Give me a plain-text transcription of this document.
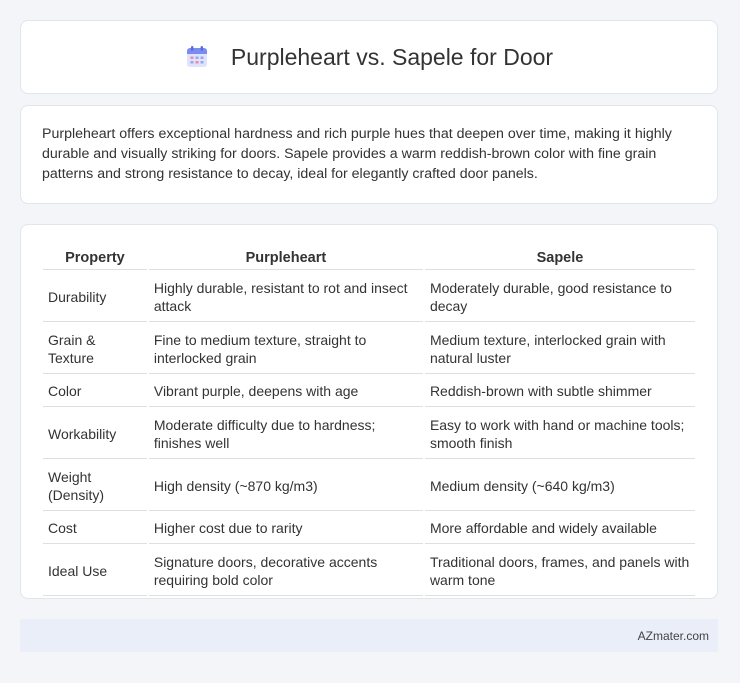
Purpleheart vs. Sapele for Door

Purpleheart offers exceptional hardness and rich purple hues that deepen over time, making it highly durable and visually striking for doors. Sapele provides a warm reddish-brown color with fine grain patterns and strong resistance to decay, ideal for elegantly crafted door panels.

Property	Purpleheart	Sapele
Durability	Highly durable, resistant to rot and insect attack	Moderately durable, good resistance to decay
Grain & Texture	Fine to medium texture, straight to interlocked grain	Medium texture, interlocked grain with natural luster
Color	Vibrant purple, deepens with age	Reddish-brown with subtle shimmer
Workability	Moderate difficulty due to hardness; finishes well	Easy to work with hand or machine tools; smooth finish
Weight (Density)	High density (~870 kg/m3)	Medium density (~640 kg/m3)
Cost	Higher cost due to rarity	More affordable and widely available
Ideal Use	Signature doors, decorative accents requiring bold color	Traditional doors, frames, and panels with warm tone
AZmater.com
